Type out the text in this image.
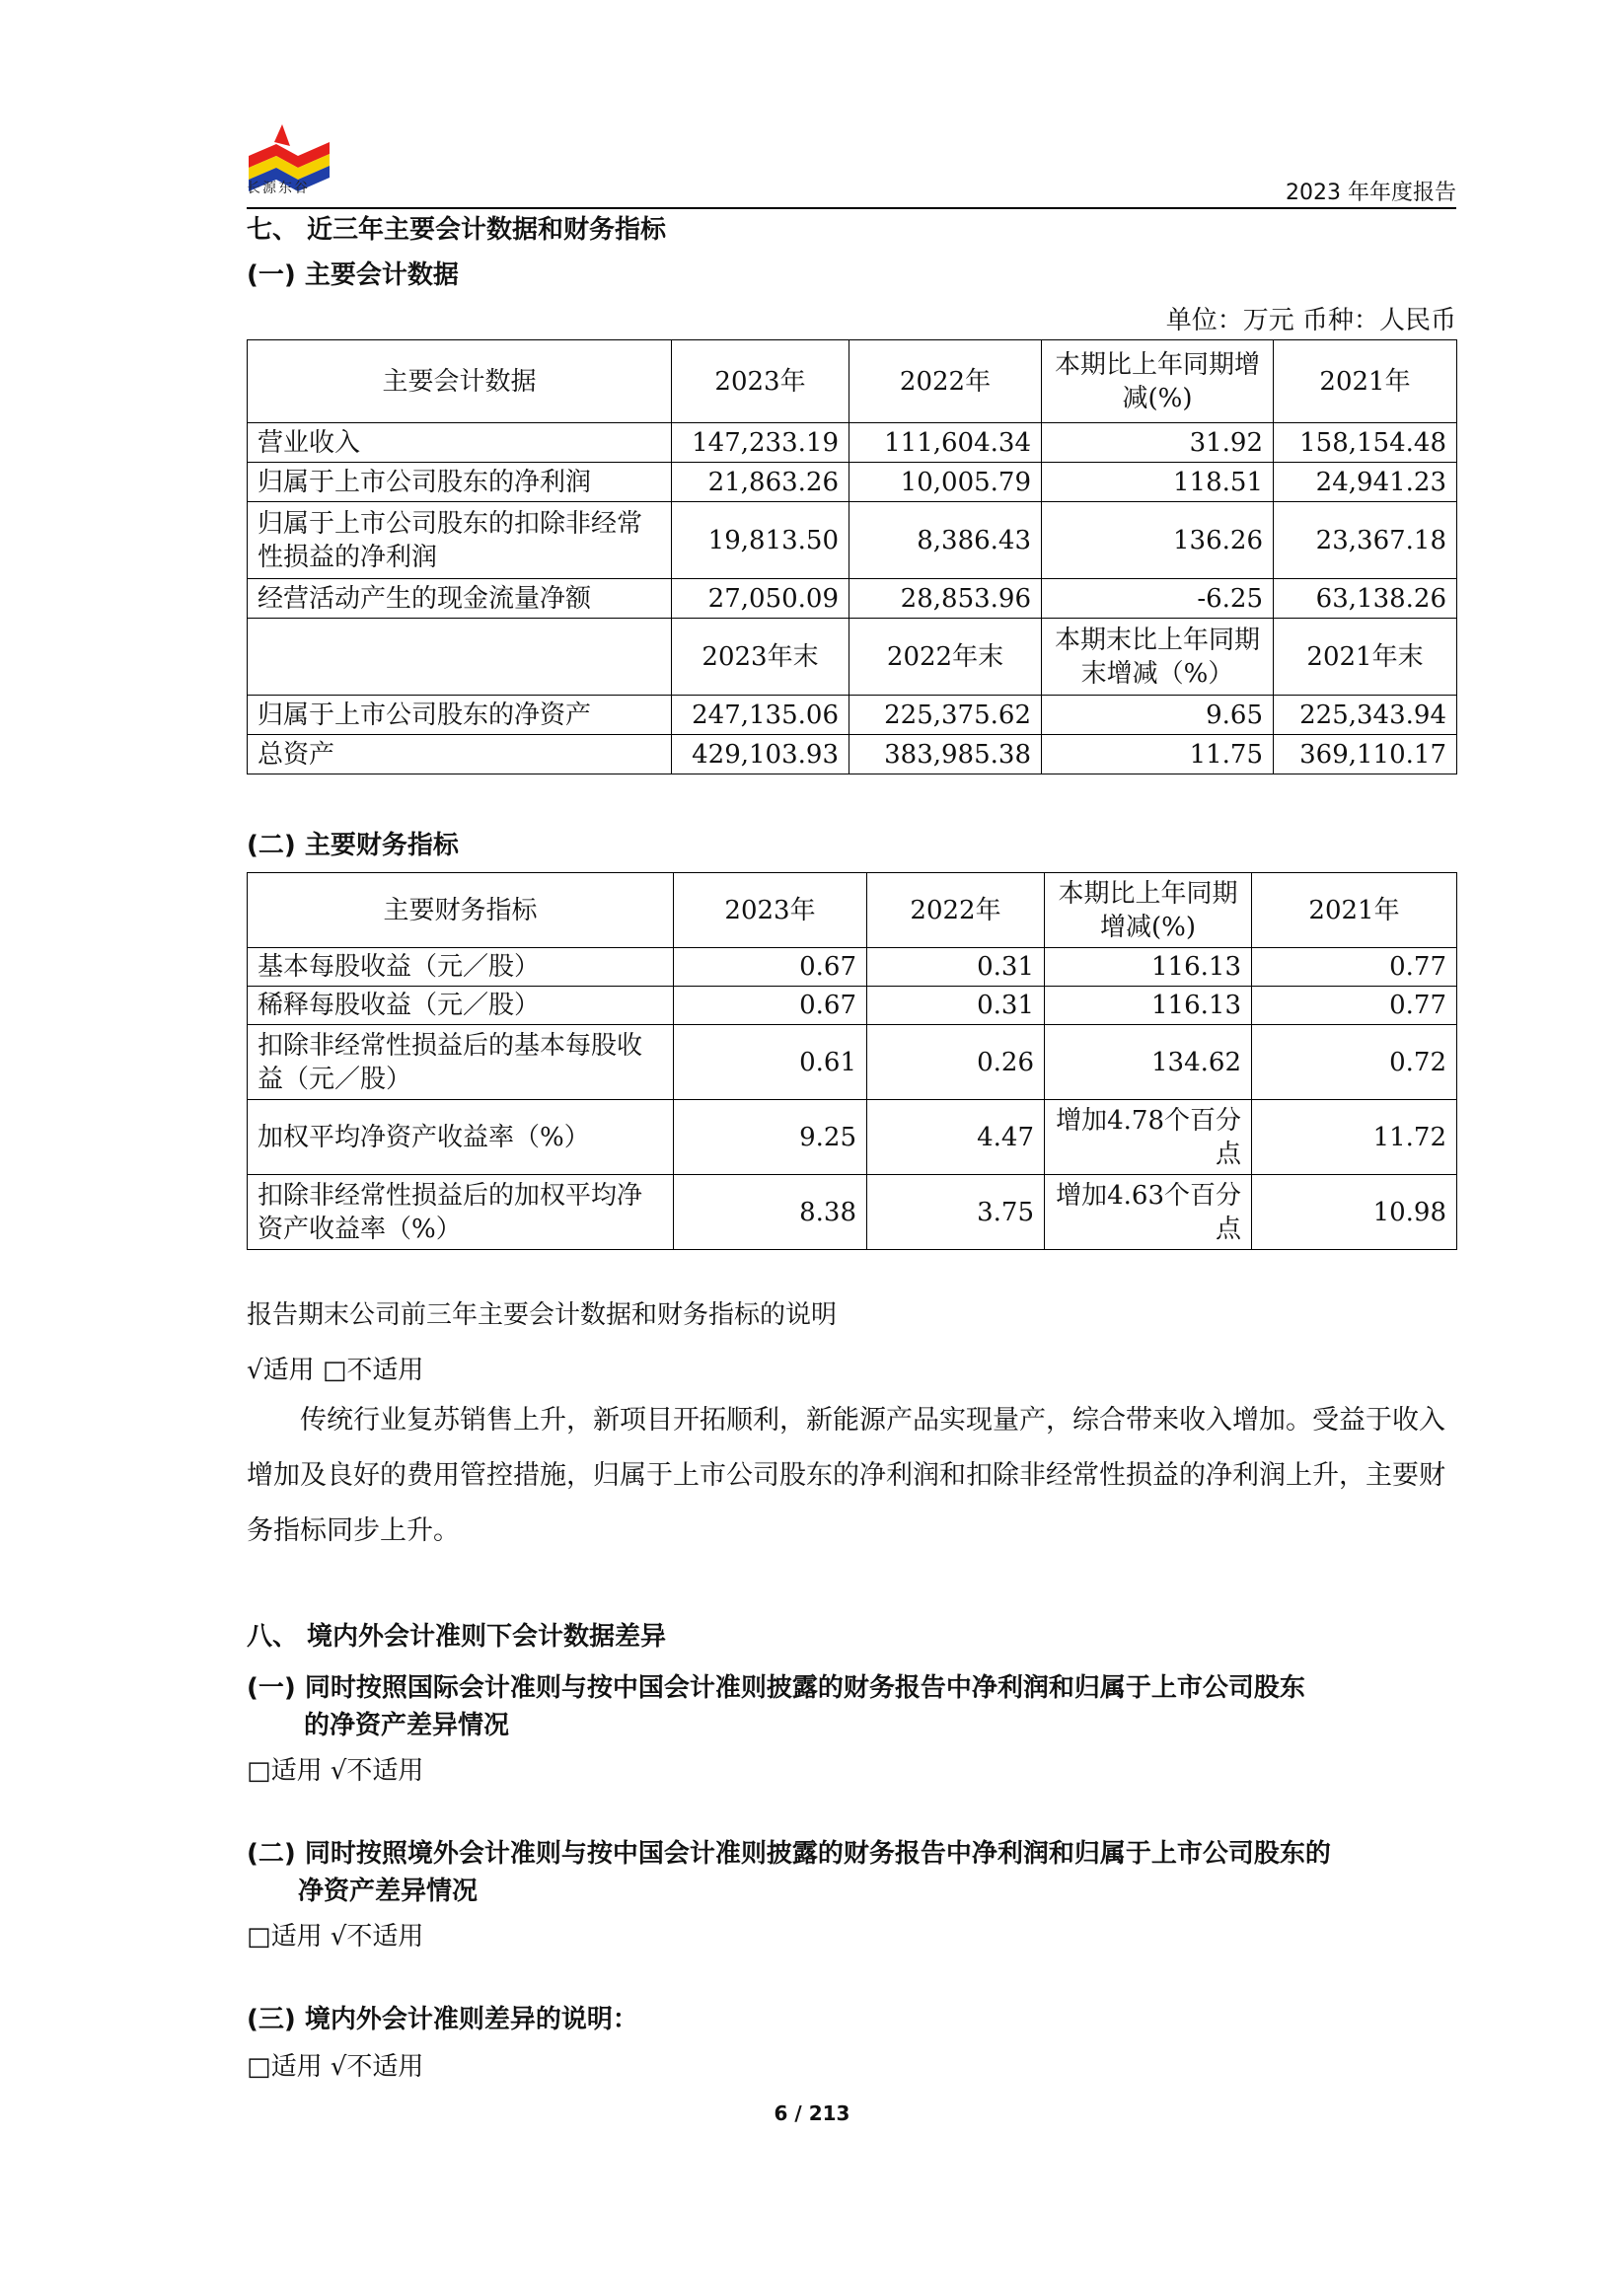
长源东谷	2023 年年度报告
七、 近三年主要会计数据和财务指标
(一) 主要会计数据
单位：万元 币种：人民币
主要会计数据	2023年	2022年	本期比上年同期增减(%)	2021年
营业收入	147,233.19	111,604.34	31.92	158,154.48
归属于上市公司股东的净利润	21,863.26	10,005.79	118.51	24,941.23
归属于上市公司股东的扣除非经常性损益的净利润	19,813.50	8,386.43	136.26	23,367.18
经营活动产生的现金流量净额	27,050.09	28,853.96	-6.25	63,138.26
	2023年末	2022年末	本期末比上年同期末增减（%）	2021年末
归属于上市公司股东的净资产	247,135.06	225,375.62	9.65	225,343.94
总资产	429,103.93	383,985.38	11.75	369,110.17
(二) 主要财务指标
主要财务指标	2023年	2022年	本期比上年同期增减(%)	2021年
基本每股收益（元／股）	0.67	0.31	116.13	0.77
稀释每股收益（元／股）	0.67	0.31	116.13	0.77
扣除非经常性损益后的基本每股收益（元／股）	0.61	0.26	134.62	0.72
加权平均净资产收益率（%）	9.25	4.47	增加4.78个百分点	11.72
扣除非经常性损益后的加权平均净资产收益率（%）	8.38	3.75	增加4.63个百分点	10.98
报告期末公司前三年主要会计数据和财务指标的说明
√适用 □不适用
传统行业复苏销售上升，新项目开拓顺利，新能源产品实现量产，综合带来收入增加。受益于收入增加及良好的费用管控措施，归属于上市公司股东的净利润和扣除非经常性损益的净利润上升，主要财务指标同步上升。
八、 境内外会计准则下会计数据差异
(一) 同时按照国际会计准则与按中国会计准则披露的财务报告中净利润和归属于上市公司股东
的净资产差异情况
□适用 √不适用
(二) 同时按照境外会计准则与按中国会计准则披露的财务报告中净利润和归属于上市公司股东的
净资产差异情况
□适用 √不适用
(三) 境内外会计准则差异的说明：
□适用 √不适用
6 / 213
